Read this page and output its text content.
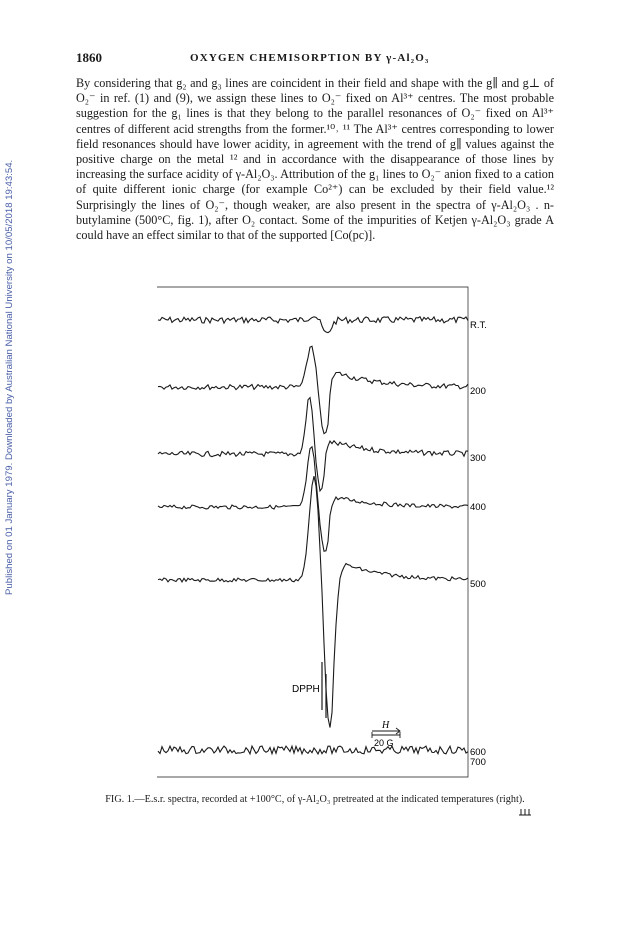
Published on 01 January 1979. Downloaded by Australian National University on 10/05/2018 19:43:54.
1860	OXYGEN CHEMISORPTION BY γ-Al₂O₃

By considering that g₂ and g₃ lines are coincident in their field and shape with the g∥ and g⊥ of O₂⁻ in ref. (1) and (9), we assign these lines to O₂⁻ fixed on Al³⁺ centres. The most probable suggestion for the g₁ lines is that they belong to the parallel resonances of O₂⁻ fixed on Al³⁺ centres of different acid strengths from the former.¹⁰˒ ¹¹ The Al³⁺ centres corresponding to lower field resonances should have lower acidity, in agreement with the trend of g∥ values against the positive charge on the metal ¹² and in accordance with the disappearance of those lines by increasing the surface acidity of γ-Al₂O₃. Attribution of the g₁ lines to O₂⁻ anion fixed to a cation of quite different ionic charge (for example Co²⁺) can be excluded by their field value.¹² Surprisingly the lines of O₂⁻, though weaker, are also present in the spectra of γ-Al₂O₃ . n-butylamine (500°C, fig. 1), after O₂ contact. Some of the impurities of Ketjen γ-Al₂O₃ grade A could have an effect similar to that of the supported [Co(pc)].

R.T.
200
300
400
500
600
700
DPPH
H
20 G
FIG. 1.—E.s.r. spectra, recorded at +100°C, of γ-Al₂O₃ pretreated at the indicated temperatures (right).
